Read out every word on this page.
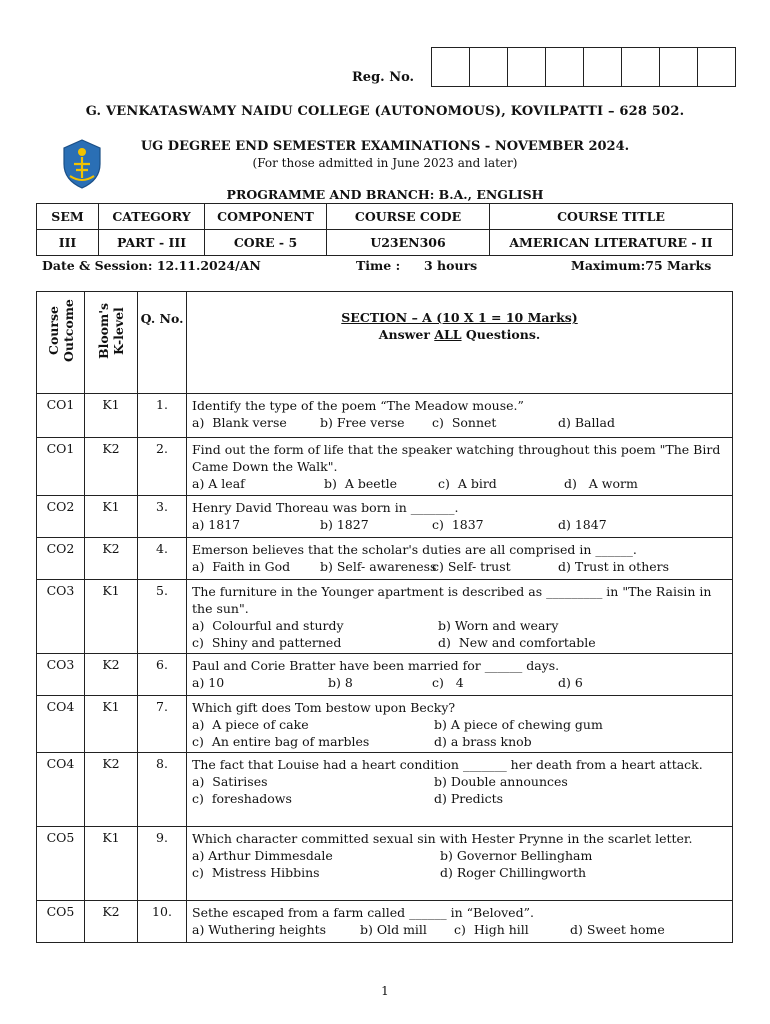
Reg. No.
G. VENKATASWAMY NAIDU COLLEGE (AUTONOMOUS), KOVILPATTI – 628 502.
UG DEGREE END SEMESTER EXAMINATIONS - NOVEMBER 2024.
(For those admitted in June 2023 and later)
PROGRAMME AND BRANCH: B.A., ENGLISH
SEM	CATEGORY	COMPONENT	COURSE CODE	COURSE TITLE
III	PART - III	CORE - 5	U23EN306	AMERICAN LITERATURE - II
Date & Session: 12.11.2024/AN	Time : 3 hours	Maximum:75 Marks
Course Outcome	Bloom's K-level	Q. No.	SECTION – A (10 X 1 = 10 Marks)
Answer ALL Questions.

CO1	K1	1.	Identify the type of the poem “The Meadow mouse.”
a)  Blank verse b) Free verse c)  Sonnet d) Ballad

CO1	K2	2.	Find out the form of life that the speaker watching throughout this poem "The Bird Came Down the Walk".
a) A leaf b)  A beetle c)  A bird d)   A worm

CO2	K1	3.	Henry David Thoreau was born in _______.
a) 1817 b) 1827 c)  1837 d) 1847

CO2	K2	4.	Emerson believes that the scholar's duties are all comprised in ______.
a)  Faith in God b) Self- awareness
c) Self- trust d) Trust in others

CO3	K1	5.	The furniture in the Younger apartment is described as _________ in "The Raisin in the sun".
a)  Colourful and sturdy b) Worn and weary
c)  Shiny and patterned d)  New and comfortable

CO3	K2	6.	Paul and Corie Bratter have been married for ______ days.
a) 10 b) 8 c)   4 d) 6

CO4	K1	7.	Which gift does Tom bestow upon Becky?
a)  A piece of cake b) A piece of chewing gum
c)  An entire bag of marbles d) a brass knob

CO4	K2	8.	The fact that Louise had a heart condition _______ her death from a heart attack.
a)  Satirises b) Double announces
c)  foreshadows d) Predicts

CO5	K1	9.	Which character committed sexual sin with Hester Prynne in the scarlet letter.
a) Arthur Dimmesdale b) Governor Bellingham
c)  Mistress Hibbins d) Roger Chillingworth

CO5	K2	10.	Sethe escaped from a farm called ______ in “Beloved”.
a) Wuthering heights b) Old mill c)  High hill d) Sweet home
1
